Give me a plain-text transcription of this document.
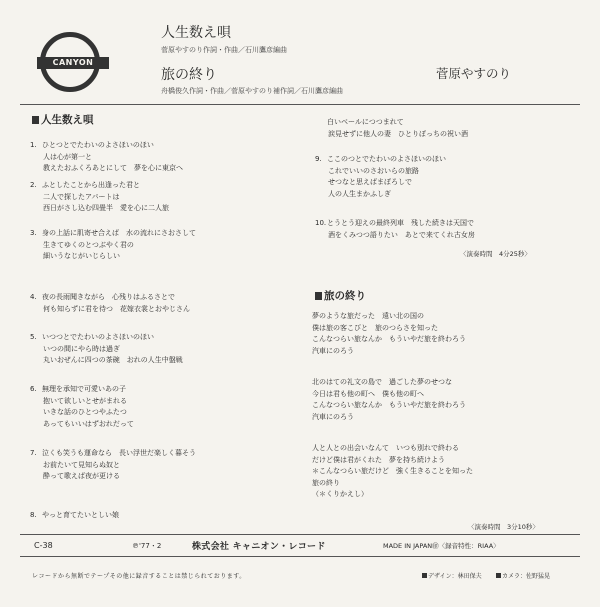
CANYON
人生数え唄
菅原やすのり作詞・作曲／石川鷹彦編曲
旅の終り
舟橋俊久作詞・作曲／菅原やすのり補作詞／石川鷹彦編曲
菅原やすのり
人生数え唄
1. ひとつとでたわいのよさほいのほい

人は心が第一と
教えたおふくろあとにして　夢を心に東京へ
2. ふとしたことから出逢った君と

二人で探したアパートは
西日がさし込む四畳半　愛を心に二人旅
3. 身の上話に肌寄せ合えば　水の流れにさおさして

生きてゆくのとつぶやく君の
細いうなじがいじらしい
4. 夜の長雨聞きながら　心残りはふるさとで

何も知らずに君を待つ　花嫁衣裳とおやじさん
5. いつつとでたわいのよさほいのほい

いつの間にやら時は過ぎ
丸いおぜんに四つの茶碗　おれの人生中盤戦
6. 無理を承知で可愛いあの子

抱いて欲しいとせがまれる
いきな話のひとつやふたつ
あってもいいはずおれだって
7. 泣くも笑うも運命なら　長い浮世だ楽しく暮そう

お前たいて見知らぬ奴と
酔って歌えば夜が更ける
8. やっと育てたいとしい娘

白いベールにつつまれて

涙見せずに他人の妻　ひとりぼっちの祝い酒
9. ここのつとでたわいのよさほいのほい

これでいいのさおいらの旅路
せつなと思えばまぼろしで
人の人生まかふしぎ
10.とうとう迎えの最終列車　残した続きは天国で

酒をくみつつ語りたい　あとで来てくれ古女房
〈演奏時間　4分25秒〉
旅の終り
夢のような旅だった　遠い北の国の
僕は旅の客こびと　旅のつらさを知った
こんなつらい旅なんか　もういやだ旅を終わろう
汽車にのろう
北のはての礼文の島で　過ごした夢のせつな
今日は君も他の町へ　僕も他の町へ
こんなつらい旅なんか　もういやだ旅を終わろう
汽車にのろう
人と人との出会いなんて　いつも別れで終わる
だけど僕は君がくれた　夢を持ち続けよう
＊こんなつらい旅だけど　強く生きることを知った
旅の終り
（＊くりかえし）
〈演奏時間　3分10秒〉
C-38	℗'77・2	株式会社 キャニオン・レコード	MADE IN JAPAN㊞〈録音特性：RIAA〉
レコードから無断でテープその他に録音することは禁じられております。	デザイン：林田保夫	カメラ：佐野猛晃
